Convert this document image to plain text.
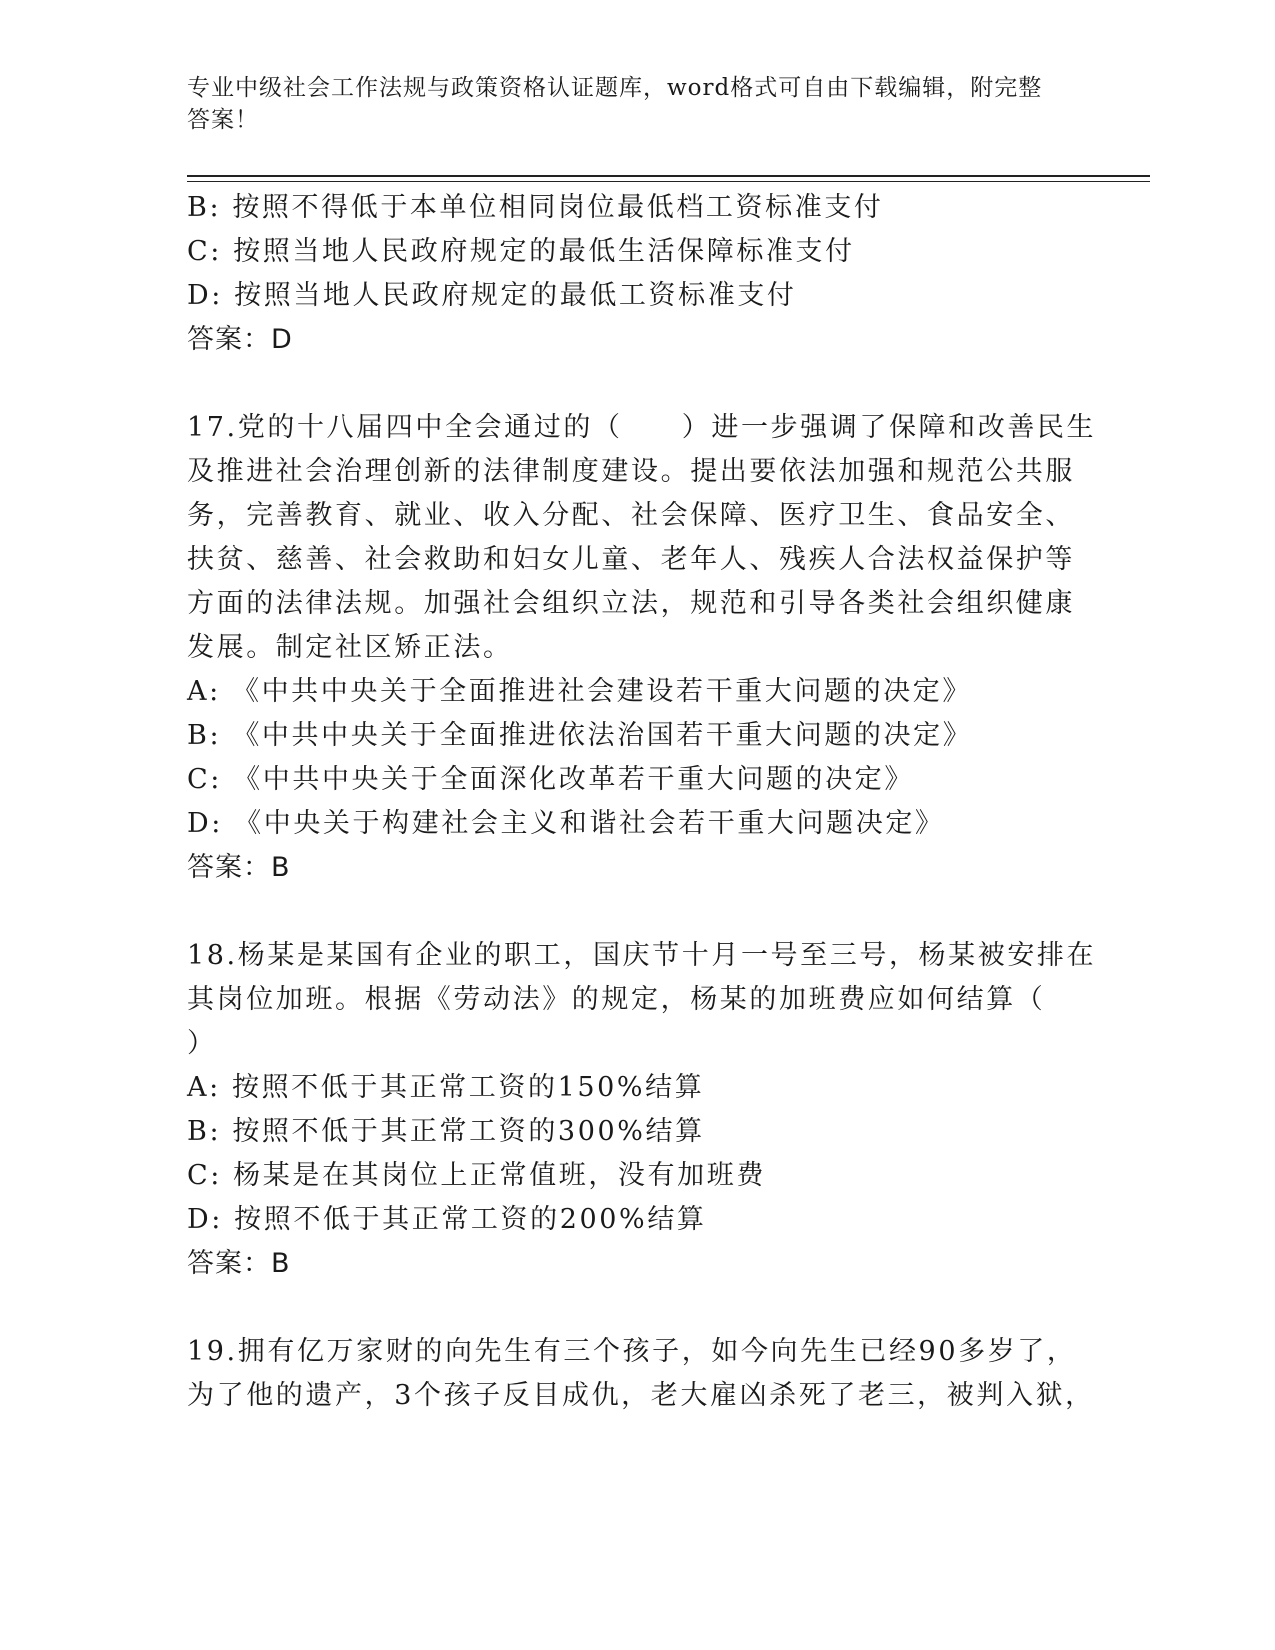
专业中级社会工作法规与政策资格认证题库，word格式可自由下载编辑，附完整
答案！
B: 按照不得低于本单位相同岗位最低档工资标准支付
C: 按照当地人民政府规定的最低生活保障标准支付
D: 按照当地人民政府规定的最低工资标准支付
答案：D
17.党的十八届四中全会通过的（　　）进一步强调了保障和改善民生
及推进社会治理创新的法律制度建设。提出要依法加强和规范公共服
务，完善教育、就业、收入分配、社会保障、医疗卫生、食品安全、
扶贫、慈善、社会救助和妇女儿童、老年人、残疾人合法权益保护等
方面的法律法规。加强社会组织立法，规范和引导各类社会组织健康
发展。制定社区矫正法。
A: 《中共中央关于全面推进社会建设若干重大问题的决定》
B: 《中共中央关于全面推进依法治国若干重大问题的决定》
C: 《中共中央关于全面深化改革若干重大问题的决定》
D: 《中央关于构建社会主义和谐社会若干重大问题决定》
答案：B
18.杨某是某国有企业的职工，国庆节十月一号至三号，杨某被安排在
其岗位加班。根据《劳动法》的规定，杨某的加班费应如何结算（
）
A: 按照不低于其正常工资的150%结算
B: 按照不低于其正常工资的300%结算
C: 杨某是在其岗位上正常值班，没有加班费
D: 按照不低于其正常工资的200%结算
答案：B
19.拥有亿万家财的向先生有三个孩子，如今向先生已经90多岁了，
为了他的遗产，3个孩子反目成仇，老大雇凶杀死了老三，被判入狱，
